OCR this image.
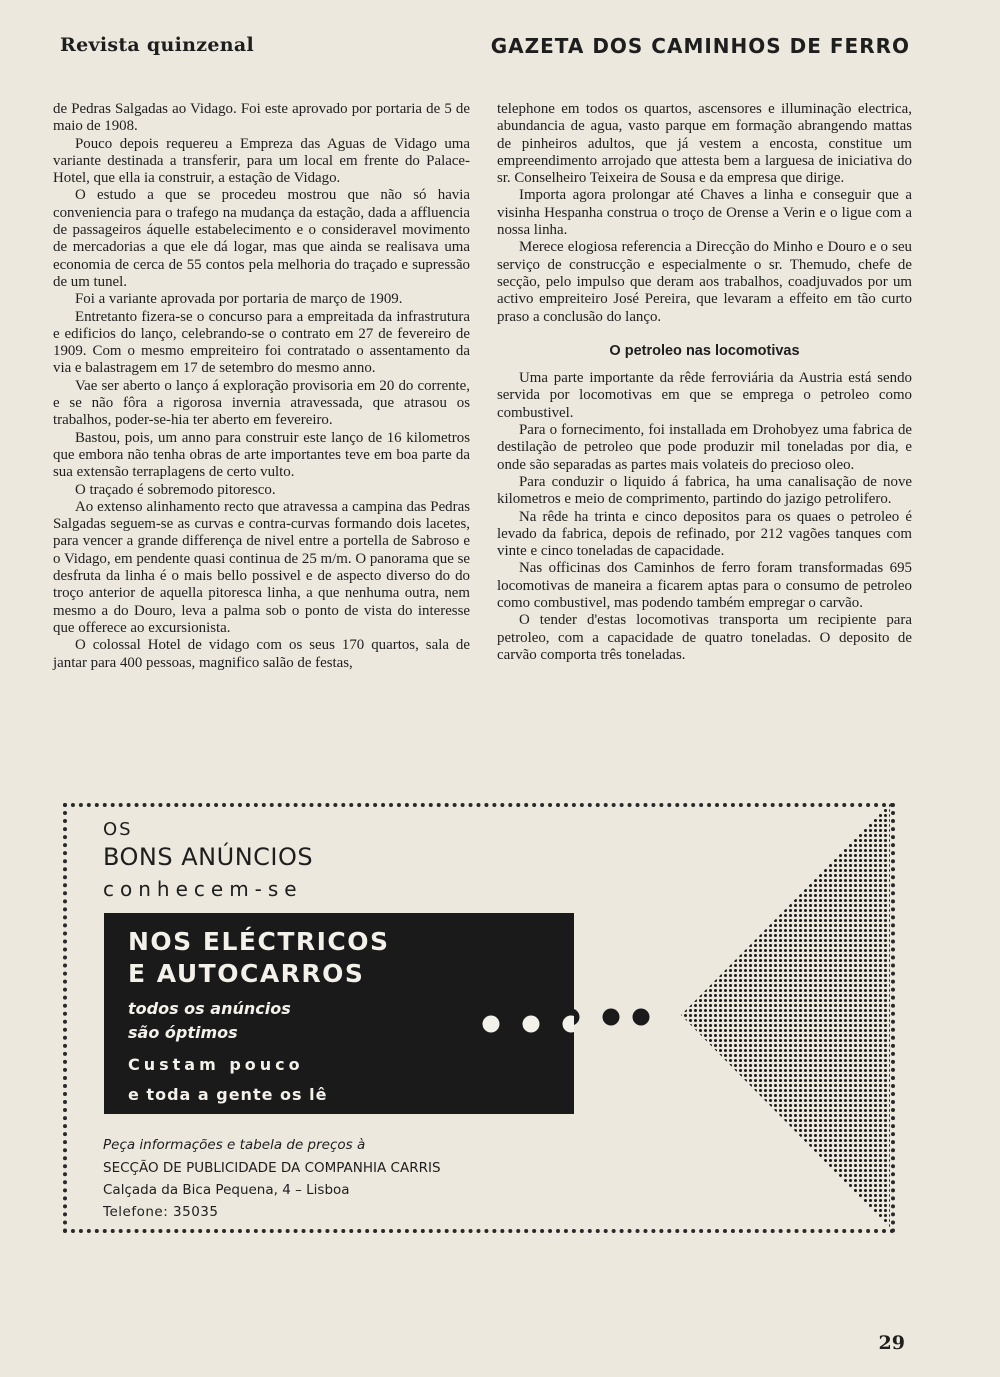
Revista quinzenal	GAZETA DOS CAMINHOS DE FERRO

de Pedras Salgadas ao Vidago. Foi este aprovado por portaria de 5 de maio de 1908.

Pouco depois requereu a Empreza das Aguas de Vidago uma variante destinada a transferir, para um local em frente do Palace-Hotel, que ella ia construir, a estação de Vidago.

O estudo a que se procedeu mostrou que não só havia conveniencia para o trafego na mudança da estação, dada a affluencia de passageiros áquelle estabelecimento e o consideravel movimento de mercadorias a que ele dá logar, mas que ainda se realisava uma economia de cerca de 55 contos pela melhoria do traçado e supressão de um tunel.

Foi a variante aprovada por portaria de março de 1909.

Entretanto fizera-se o concurso para a empreitada da infrastrutura e edificios do lanço, celebrando-se o contrato em 27 de fevereiro de 1909. Com o mesmo empreiteiro foi contratado o assentamento da via e balastragem em 17 de setembro do mesmo anno.

Vae ser aberto o lanço á exploração provisoria em 20 do corrente, e se não fôra a rigorosa invernia atravessada, que atrasou os trabalhos, poder-se-hia ter aberto em fevereiro.

Bastou, pois, um anno para construir este lanço de 16 kilometros que embora não tenha obras de arte importantes teve em boa parte da sua extensão terraplagens de certo vulto.

O traçado é sobremodo pitoresco.

Ao extenso alinhamento recto que atravessa a campina das Pedras Salgadas seguem-se as curvas e contra-curvas formando dois lacetes, para vencer a grande differença de nivel entre a portella de Sabroso e o Vidago, em pendente quasi continua de 25 m/m. O panorama que se desfruta da linha é o mais bello possivel e de aspecto diverso do do troço anterior de aquella pitoresca linha, a que nenhuma outra, nem mesmo a do Douro, leva a palma sob o ponto de vista do interesse que offerece ao excursionista.

O colossal Hotel de vidago com os seus 170 quartos, sala de jantar para 400 pessoas, magnifico salão de festas,

telephone em todos os quartos, ascensores e illuminação electrica, abundancia de agua, vasto parque em formação abrangendo mattas de pinheiros adultos, que já vestem a encosta, constitue um empreendimento arrojado que attesta bem a larguesa de iniciativa do sr. Conselheiro Teixeira de Sousa e da empresa que dirige.

Importa agora prolongar até Chaves a linha e conseguir que a visinha Hespanha construa o troço de Orense a Verin e o ligue com a nossa linha.

Merece elogiosa referencia a Direcção do Minho e Douro e o seu serviço de construcção e especialmente o sr. Themudo, chefe de secção, pelo impulso que deram aos trabalhos, coadjuvados por um activo empreiteiro José Pereira, que levaram a effeito em tão curto praso a conclusão do lanço.

O petroleo nas locomotivas

Uma parte importante da rêde ferroviária da Austria está sendo servida por locomotivas em que se emprega o petroleo como combustivel.

Para o fornecimento, foi installada em Drohobyez uma fabrica de destilação de petroleo que pode produzir mil toneladas por dia, e onde são separadas as partes mais volateis do precioso oleo.

Para conduzir o liquido á fabrica, ha uma canalisação de nove kilometros e meio de comprimento, partindo do jazigo petrolifero.

Na rêde ha trinta e cinco depositos para os quaes o petroleo é levado da fabrica, depois de refinado, por 212 vagões tanques com vinte e cinco toneladas de capacidade.

Nas officinas dos Caminhos de ferro foram transformadas 695 locomotivas de maneira a ficarem aptas para o consumo de petroleo como combustivel, mas podendo também empregar o carvão.

O tender d'estas locomotivas transporta um recipiente para petroleo, com a capacidade de quatro toneladas. O deposito de carvão comporta três toneladas.

OS
BONS ANÚNCIOS
conhecem-se
NOS ELÉCTRICOS
E AUTOCARROS
todos os anúncios
são óptimos
Custam pouco
e toda a gente os lê
Peça informações e tabela de preços à
SECÇÃO DE PUBLICIDADE DA COMPANHIA CARRIS
Calçada da Bica Pequena, 4 – Lisboa
Telefone: 35035
29
